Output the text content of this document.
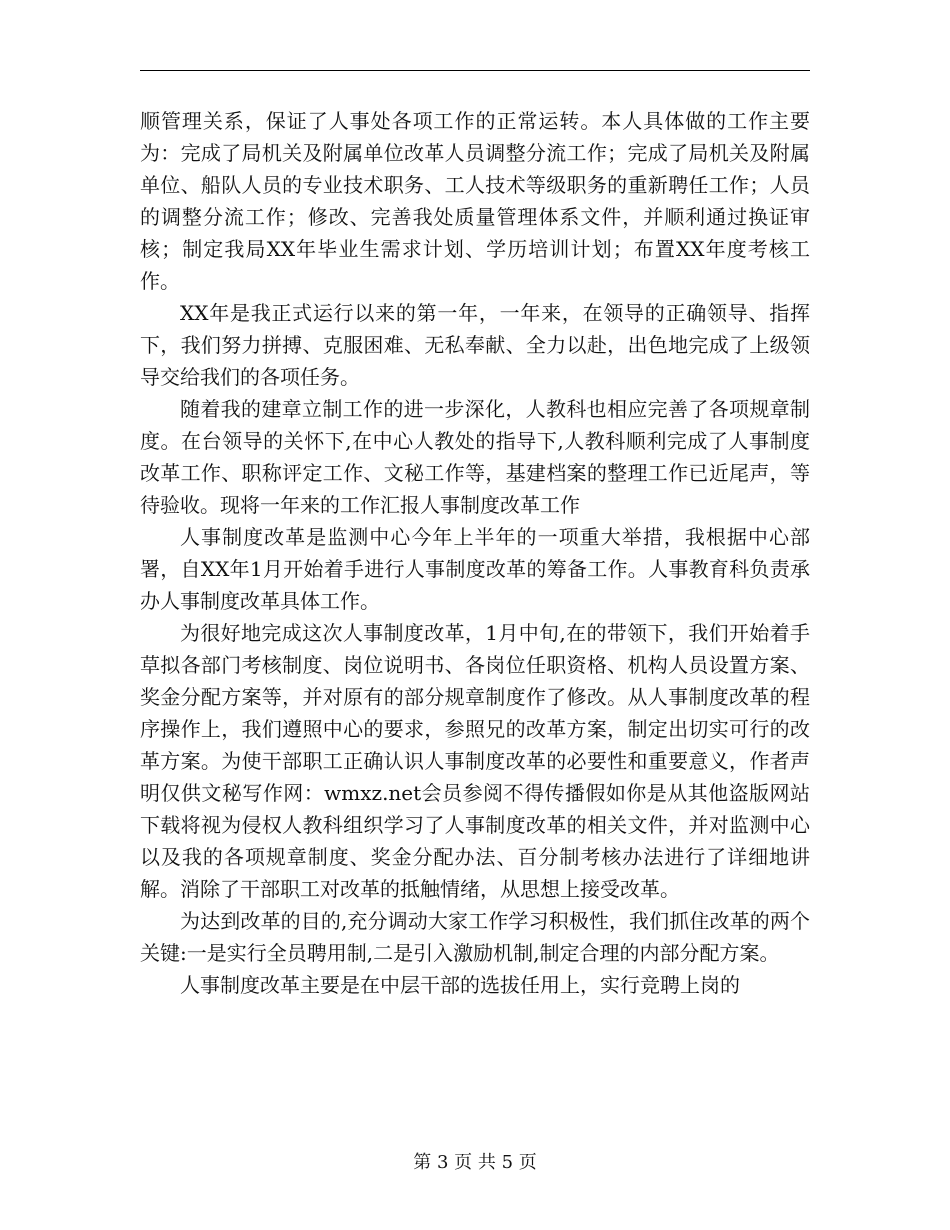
顺管理关系，保证了人事处各项工作的正常运转。本人具体做的工作主要为：完成了局机关及附属单位改革人员调整分流工作；完成了局机关及附属单位、船队人员的专业技术职务、工人技术等级职务的重新聘任工作；人员的调整分流工作；修改、完善我处质量管理体系文件，并顺利通过换证审核；制定我局XX年毕业生需求计划、学历培训计划；布置XX年度考核工作。

XX年是我正式运行以来的第一年，一年来，在领导的正确领导、指挥下，我们努力拼搏、克服困难、无私奉献、全力以赴，出色地完成了上级领导交给我们的各项任务。

随着我的建章立制工作的进一步深化，人教科也相应完善了各项规章制度。在台领导的关怀下,在中心人教处的指导下,人教科顺利完成了人事制度改革工作、职称评定工作、文秘工作等，基建档案的整理工作已近尾声，等待验收。现将一年来的工作汇报人事制度改革工作

人事制度改革是监测中心今年上半年的一项重大举措，我根据中心部署，自XX年1月开始着手进行人事制度改革的筹备工作。人事教育科负责承办人事制度改革具体工作。

为很好地完成这次人事制度改革，1月中旬,在的带领下，我们开始着手草拟各部门考核制度、岗位说明书、各岗位任职资格、机构人员设置方案、奖金分配方案等，并对原有的部分规章制度作了修改。从人事制度改革的程序操作上，我们遵照中心的要求，参照兄的改革方案，制定出切实可行的改革方案。为使干部职工正确认识人事制度改革的必要性和重要意义，作者声明仅供文秘写作网：wmxz.net会员参阅不得传播假如你是从其他盗版网站下载将视为侵权人教科组织学习了人事制度改革的相关文件，并对监测中心以及我的各项规章制度、奖金分配办法、百分制考核办法进行了详细地讲解。消除了干部职工对改革的抵触情绪，从思想上接受改革。

为达到改革的目的,充分调动大家工作学习积极性，我们抓住改革的两个关键:一是实行全员聘用制,二是引入激励机制,制定合理的内部分配方案。

人事制度改革主要是在中层干部的选拔任用上，实行竞聘上岗的

第 3 页 共 5 页
